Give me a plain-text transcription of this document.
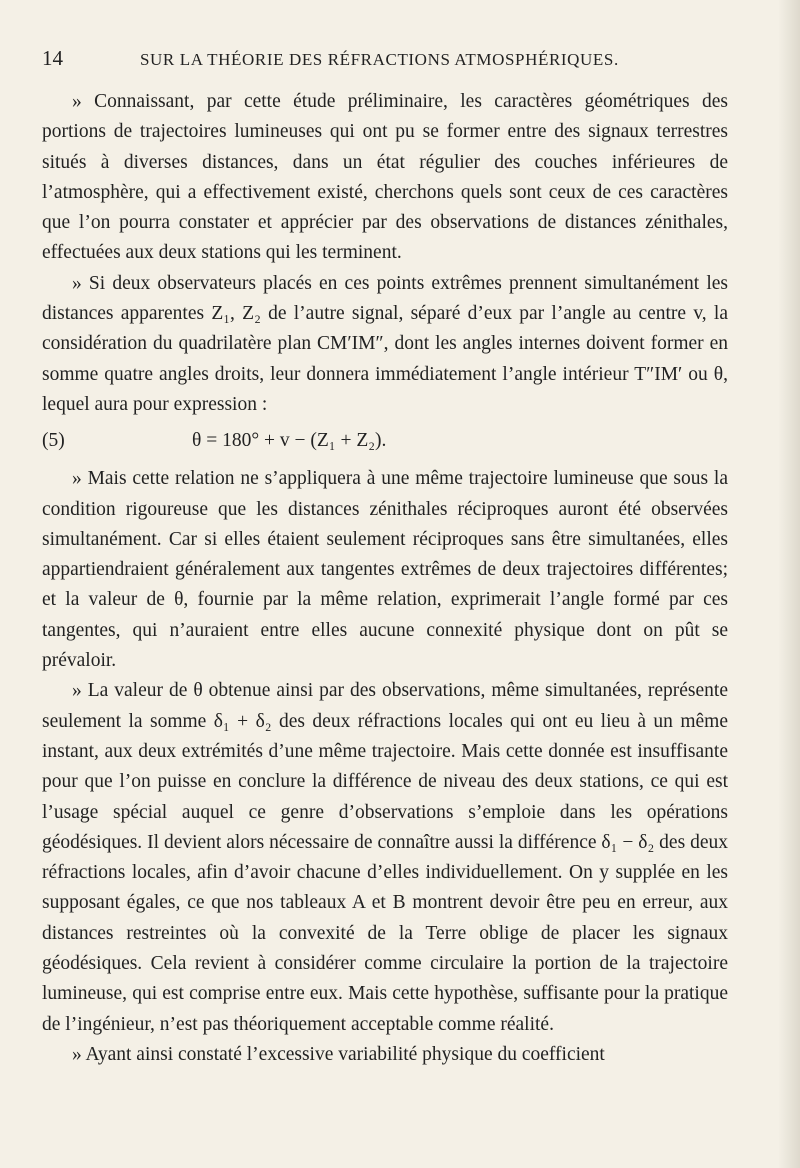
14	SUR LA THÉORIE DES RÉFRACTIONS ATMOSPHÉRIQUES.

» Connaissant, par cette étude préliminaire, les caractères géométriques des portions de trajectoires lumineuses qui ont pu se former entre des signaux terrestres situés à diverses distances, dans un état régulier des couches inférieures de l’atmosphère, qui a effectivement existé, cherchons quels sont ceux de ces caractères que l’on pourra constater et apprécier par des observations de distances zénithales, effectuées aux deux stations qui les terminent.

» Si deux observateurs placés en ces points extrêmes prennent simultanément les distances apparentes Z₁, Z₂ de l’autre signal, séparé d’eux par l’angle au centre v, la considération du quadrilatère plan CM′IM″, dont les angles internes doivent former en somme quatre angles droits, leur donnera immédiatement l’angle intérieur T″IM′ ou θ, lequel aura pour expression :

(5)	θ = 180° + v − (Z₁ + Z₂).

» Mais cette relation ne s’appliquera à une même trajectoire lumineuse que sous la condition rigoureuse que les distances zénithales réciproques auront été observées simultanément. Car si elles étaient seulement réciproques sans être simultanées, elles appartiendraient généralement aux tangentes extrêmes de deux trajectoires différentes; et la valeur de θ, fournie par la même relation, exprimerait l’angle formé par ces tangentes, qui n’auraient entre elles aucune connexité physique dont on pût se prévaloir.

» La valeur de θ obtenue ainsi par des observations, même simultanées, représente seulement la somme δ₁ + δ₂ des deux réfractions locales qui ont eu lieu à un même instant, aux deux extrémités d’une même trajectoire. Mais cette donnée est insuffisante pour que l’on puisse en conclure la différence de niveau des deux stations, ce qui est l’usage spécial auquel ce genre d’observations s’emploie dans les opérations géodésiques. Il devient alors nécessaire de connaître aussi la différence δ₁ − δ₂ des deux réfractions locales, afin d’avoir chacune d’elles individuellement. On y supplée en les supposant égales, ce que nos tableaux A et B montrent devoir être peu en erreur, aux distances restreintes où la convexité de la Terre oblige de placer les signaux géodésiques. Cela revient à considérer comme circulaire la portion de la trajectoire lumineuse, qui est comprise entre eux. Mais cette hypothèse, suffisante pour la pratique de l’ingénieur, n’est pas théoriquement acceptable comme réalité.

» Ayant ainsi constaté l’excessive variabilité physique du coefficient
